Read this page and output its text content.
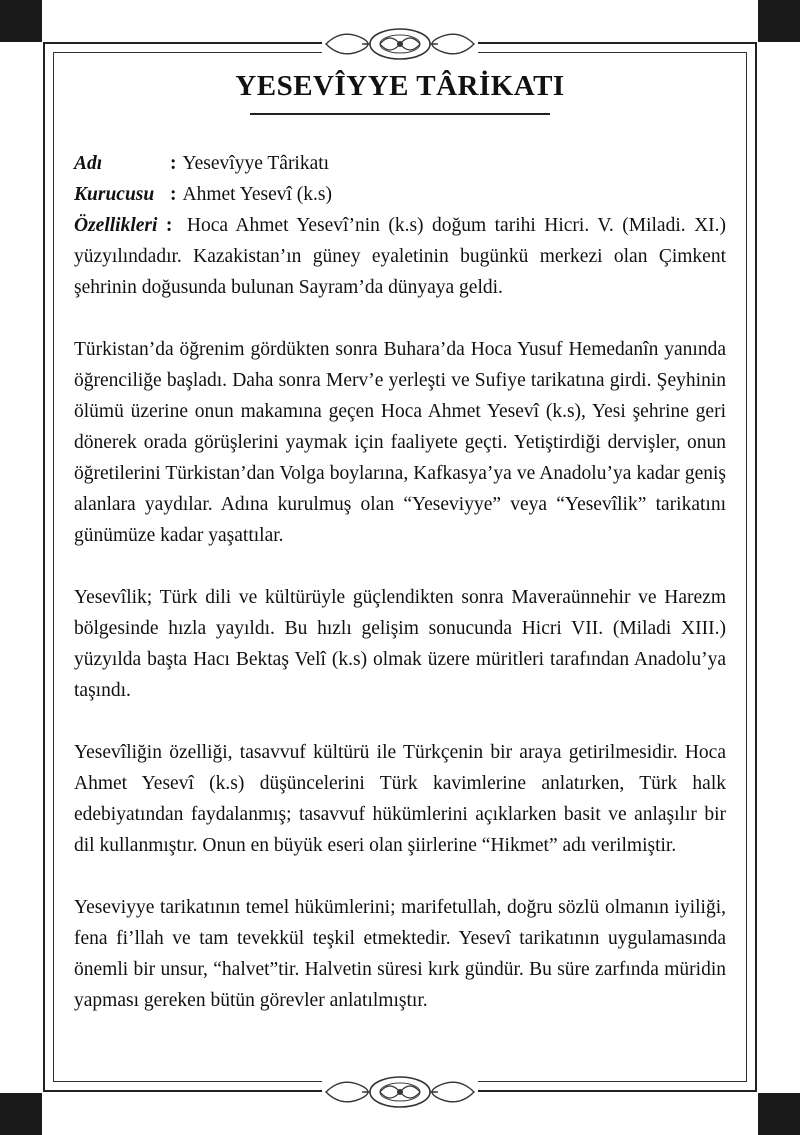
YESEVÎYYE TÂRİKATI
Adı	: Yesevîyye Târikatı
Kurucusu : Ahmet Yesevî (k.s)
Özellikleri : Hoca Ahmet Yesevî’nin (k.s) doğum tarihi Hicri. V. (Miladi. XI.) yüzyılındadır. Kazakistan’ın güney eyaletinin bugünkü merkezi olan Çimkent şehrinin doğusunda bulunan Sayram’da dünyaya geldi.

Türkistan’da öğrenim gördükten sonra Buhara’da Hoca Yusuf Hemedanîn yanında öğrenciliğe başladı. Daha sonra Merv’e yerleşti ve Sufiye tarikatına girdi. Şeyhinin ölümü üzerine onun makamına geçen Hoca Ahmet Yesevî (k.s), Yesi şehrine geri dönerek orada görüşlerini yaymak için faaliyete geçti. Yetiştirdiği dervişler, onun öğretilerini Türkistan’dan Volga boylarına, Kafkasya’ya ve Anadolu’ya kadar geniş alanlara yaydılar. Adına kurulmuş olan “Yeseviyye” veya “Yesevîlik” tarikatını günümüze kadar yaşattılar.

Yesevîlik; Türk dili ve kültürüyle güçlendikten sonra Maveraünnehir ve Harezm bölgesinde hızla yayıldı. Bu hızlı gelişim sonucunda Hicri VII. (Miladi XIII.) yüzyılda başta Hacı Bektaş Velî (k.s) olmak üzere müritleri tarafından Anadolu’ya taşındı.

Yesevîliğin özelliği, tasavvuf kültürü ile Türkçenin bir araya getirilmesidir. Hoca Ahmet Yesevî (k.s) düşüncelerini Türk kavimlerine anlatırken, Türk halk edebiyatından faydalanmış; tasavvuf hükümlerini açıklarken basit ve anlaşılır bir dil kullanmıştır. Onun en büyük eseri olan şiirlerine “Hikmet” adı verilmiştir.

Yeseviyye tarikatının temel hükümlerini; marifetullah, doğru sözlü olmanın iyiliği, fena fi’llah ve tam tevekkül teşkil etmektedir. Yesevî tarikatının uygulamasında önemli bir unsur, “halvet”tir. Halvetin süresi kırk gündür. Bu süre zarfında müridin yapması gereken bütün görevler anlatılmıştır.
